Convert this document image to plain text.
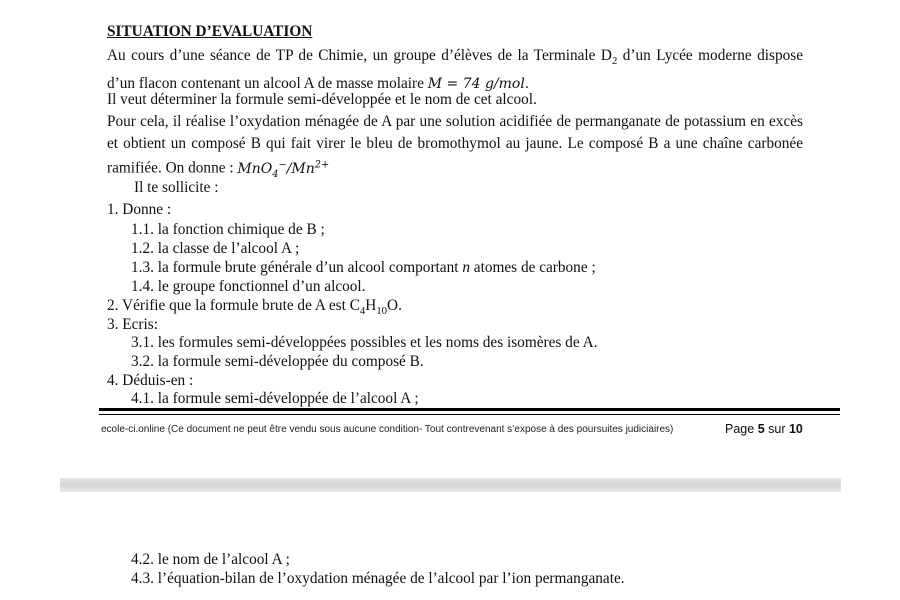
SITUATION D’EVALUATION
Au cours d’une séance de TP de Chimie, un groupe d’élèves de la Terminale $D_2$ d’un Lycée moderne dispose d’un flacon contenant un alcool A de masse molaire M = 74 g/mol.
Il veut déterminer la formule semi-développée et le nom de cet alcool.
Pour cela, il réalise l’oxydation ménagée de A par une solution acidifiée de permanganate de potassium en excès et obtient un composé B qui fait virer le bleu de bromothymol au jaune. Le composé B a une chaîne carbonée ramifiée. On donne : $MnO_4^-/Mn^{2+}$
Il te sollicite :
1. Donne :
1.1. la fonction chimique de B ;
1.2. la classe de l’alcool A ;
1.3. la formule brute générale d’un alcool comportant n atomes de carbone ;
1.4. le groupe fonctionnel d’un alcool.
2. Vérifie que la formule brute de A est $C_4H_{10}O$.
3. Ecris:
3.1. les formules semi-développées possibles et les noms des isomères de A.
3.2. la formule semi-développée du composé B.
4. Déduis-en :
4.1. la formule semi-développée de l’alcool A ;
ecole-ci.online (Ce document ne peut être vendu sous aucune condition- Tout contrevenant s’expose à des poursuites judiciaires)	Page 5 sur 10
4.2. le nom de l’alcool A ;
4.3. l’équation-bilan de l’oxydation ménagée de l’alcool par l’ion permanganate.
